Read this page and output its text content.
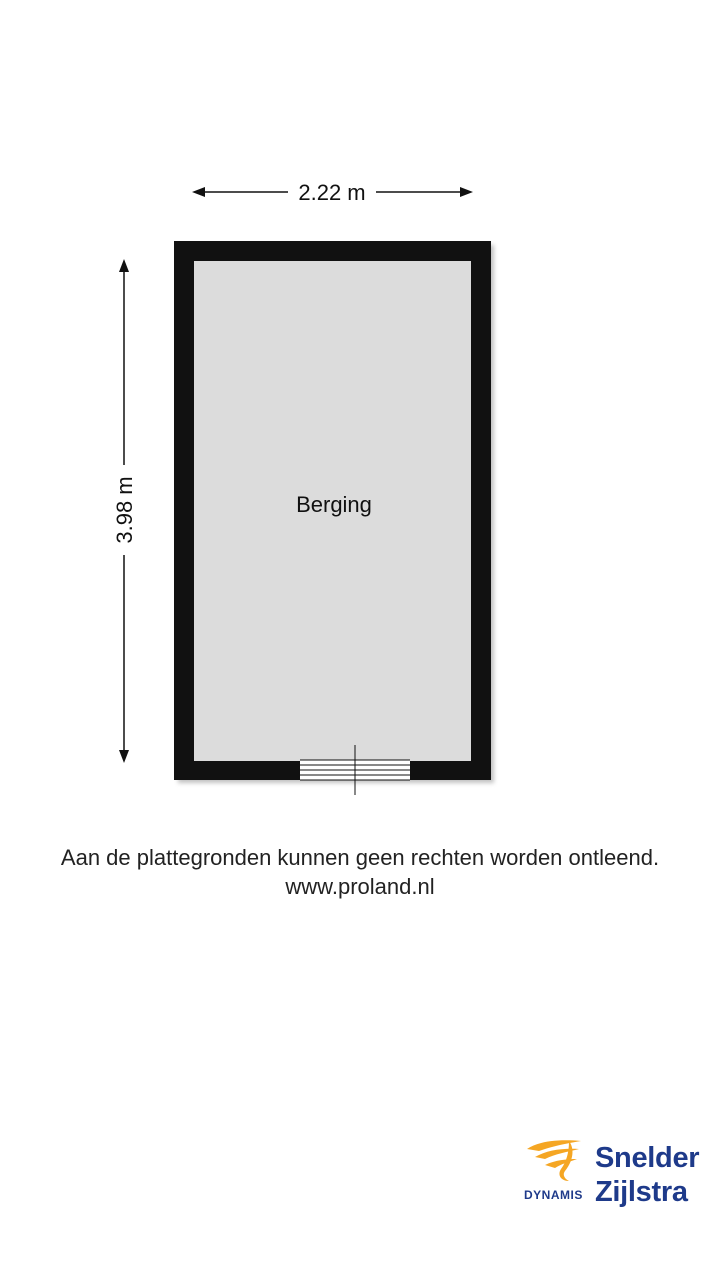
2.22 m
3.98 m	Berging
Aan de plattegronden kunnen geen rechten worden ontleend.
www.proland.nl
DYNAMIS
Snelder
Zijlstra
